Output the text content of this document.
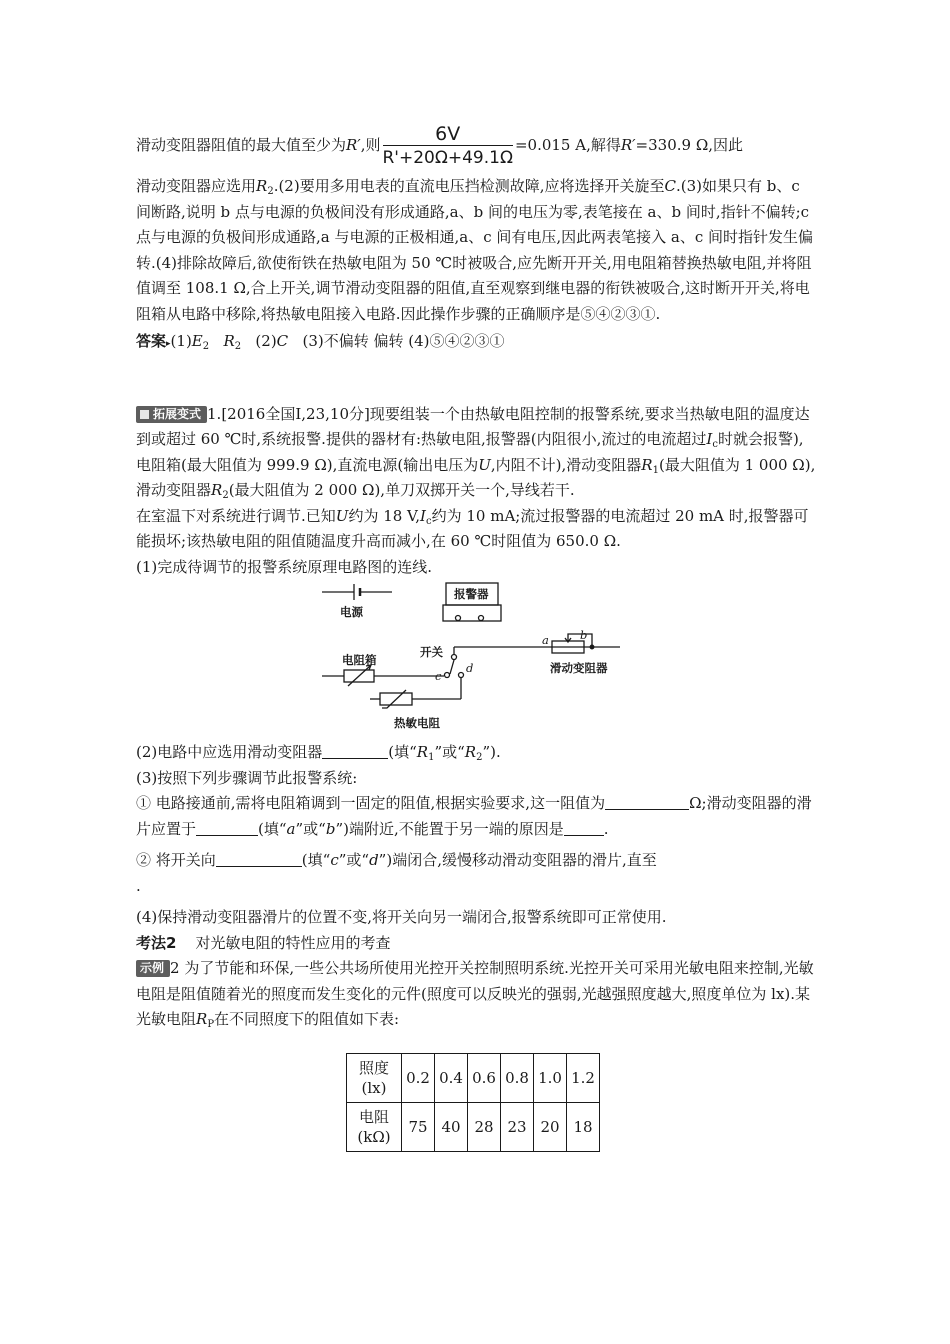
滑动变阻器阻值的最大值至少为R′,则 $\frac{6V}{R'+20\Omega+49.1\Omega} =0.015$ A,解得R′=330.9 Ω,因此

滑动变阻器应选用$R_2.(2)$要用多用电表的直流电压挡检测故障,应将选择开关旋至C.(3)如果只有 b、c 间断路,说明 b 点与电源的负极间没有形成通路,a、b 间的电压为零,表笔接在 a、b 间时,指针不偏转;c 点与电源的负极间形成通路,a 与电源的正极相通,a、c 间有电压,因此两表笔接入 a、c 间时指针发生偏转.(4)排除故障后,欲使衔铁在热敏电阻为 50 ℃时被吸合,应先断开开关,用电阻箱替换热敏电阻,并将阻值调至 108.1 Ω,合上开关,调节滑动变阻器的阻值,直至观察到继电器的衔铁被吸合,这时断开开关,将电阻箱从电路中移除,将热敏电阻接入电路.因此操作步骤的正确顺序是⑤④②③①.

答案$▸(1)E_2$ $R_2$ (2)C (3)不偏转 偏转 (4)⑤④②③①

拓展变式 1.[2016全国Ⅰ,23,10分]现要组装一个由热敏电阻控制的报警系统,要求当热敏电阻的温度达到或超过 60 ℃时,系统报警.提供的器材有:热敏电阻,报警器(内阻很小,流过的电流超过$I_c$时就会报警),电阻箱(最大阻值为 999.9 Ω),直流电源(输出电压为U,内阻不计),滑动变阻器$R_1$(最大阻值为 1 000 Ω),滑动变阻器$R_2$(最大阻值为 2 000 Ω),单刀双掷开关一个,导线若干.

在室温下对系统进行调节.已知U约为 18 $V,I_c$约为 10 mA;流过报警器的电流超过 20 mA 时,报警器可能损坏;该热敏电阻的阻值随温度升高而减小,在 60 ℃时阻值为 650.0 Ω.

(1)完成待调节的报警系统原理电路图的连线.

电源
报警器
电阻箱
开关
滑动变阻器
热敏电阻
a	b
c
d

(2)电路中应选用滑动变阻器	(填“$R_1$”或“$R_2$”).

(3)按照下列步骤调节此报警系统:

① 电路接通前,需将电阻箱调到一固定的阻值,根据实验要求,这一阻值为	Ω;滑动变阻器的滑片应置于	(填“a”或“b”)端附近,不能置于另一端的原因是	.

② 将开关向	(填“c”或“d”)端闭合,缓慢移动滑动变阻器的滑片,直至
.

(4)保持滑动变阻器滑片的位置不变,将开关向另一端闭合,报警系统即可正常使用.

考法2 对光敏电阻的特性应用的考查

示例 2 为了节能和环保,一些公共场所使用光控开关控制照明系统.光控开关可采用光敏电阻来控制,光敏电阻是阻值随着光的照度而发生变化的元件(照度可以反映光的强弱,光越强照度越大,照度单位为 lx).某光敏电阻$R_P$在不同照度下的阻值如下表:

照度
(lx)	0.2	0.4	0.6	0.8	1.0	1.2
电阻
(kΩ)	75	40	28	23	20	18
